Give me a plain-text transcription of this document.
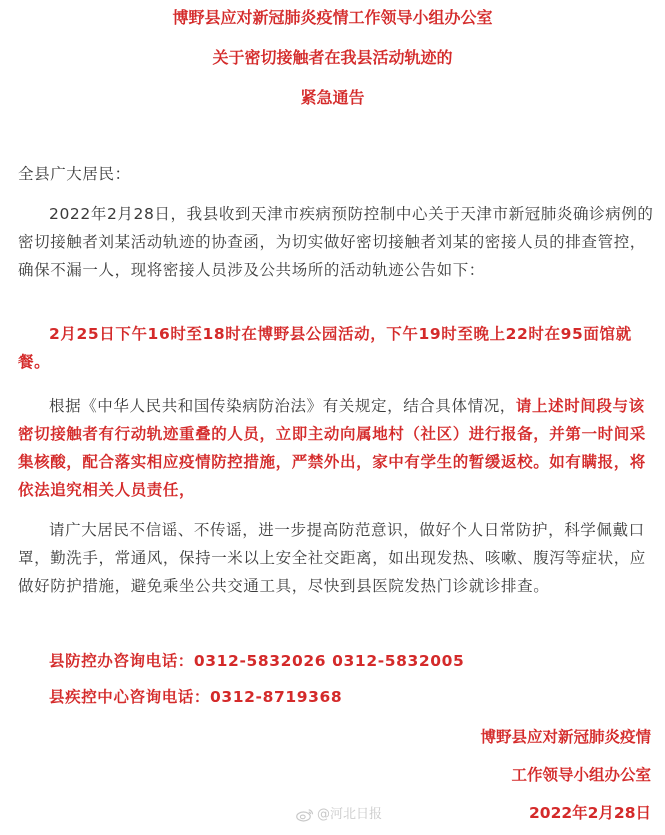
博野县应对新冠肺炎疫情工作领导小组办公室
关于密切接触者在我县活动轨迹的
紧急通告

全县广大居民：

2022年2月28日，我县收到天津市疾病预防控制中心关于天津市新冠肺炎确诊病例的密切接触者刘某活动轨迹的协查函，为切实做好密切接触者刘某的密接人员的排查管控，确保不漏一人，现将密接人员涉及公共场所的活动轨迹公告如下：

2月25日下午16时至18时在博野县公园活动，下午19时至晚上22时在95面馆就餐。

根据《中华人民共和国传染病防治法》有关规定，结合具体情况，请上述时间段与该密切接触者有行动轨迹重叠的人员，立即主动向属地村（社区）进行报备，并第一时间采集核酸，配合落实相应疫情防控措施，严禁外出，家中有学生的暂缓返校。如有瞒报，将依法追究相关人员责任，

请广大居民不信谣、不传谣，进一步提高防范意识，做好个人日常防护，科学佩戴口罩，勤洗手，常通风，保持一米以上安全社交距离，如出现发热、咳嗽、腹泻等症状，应做好防护措施，避免乘坐公共交通工具，尽快到县医院发热门诊就诊排查。

县防控办咨询电话：0312-5832026 0312-5832005

县疾控中心咨询电话：0312-8719368

博野县应对新冠肺炎疫情

工作领导小组办公室

2022年2月28日

@河北日报
